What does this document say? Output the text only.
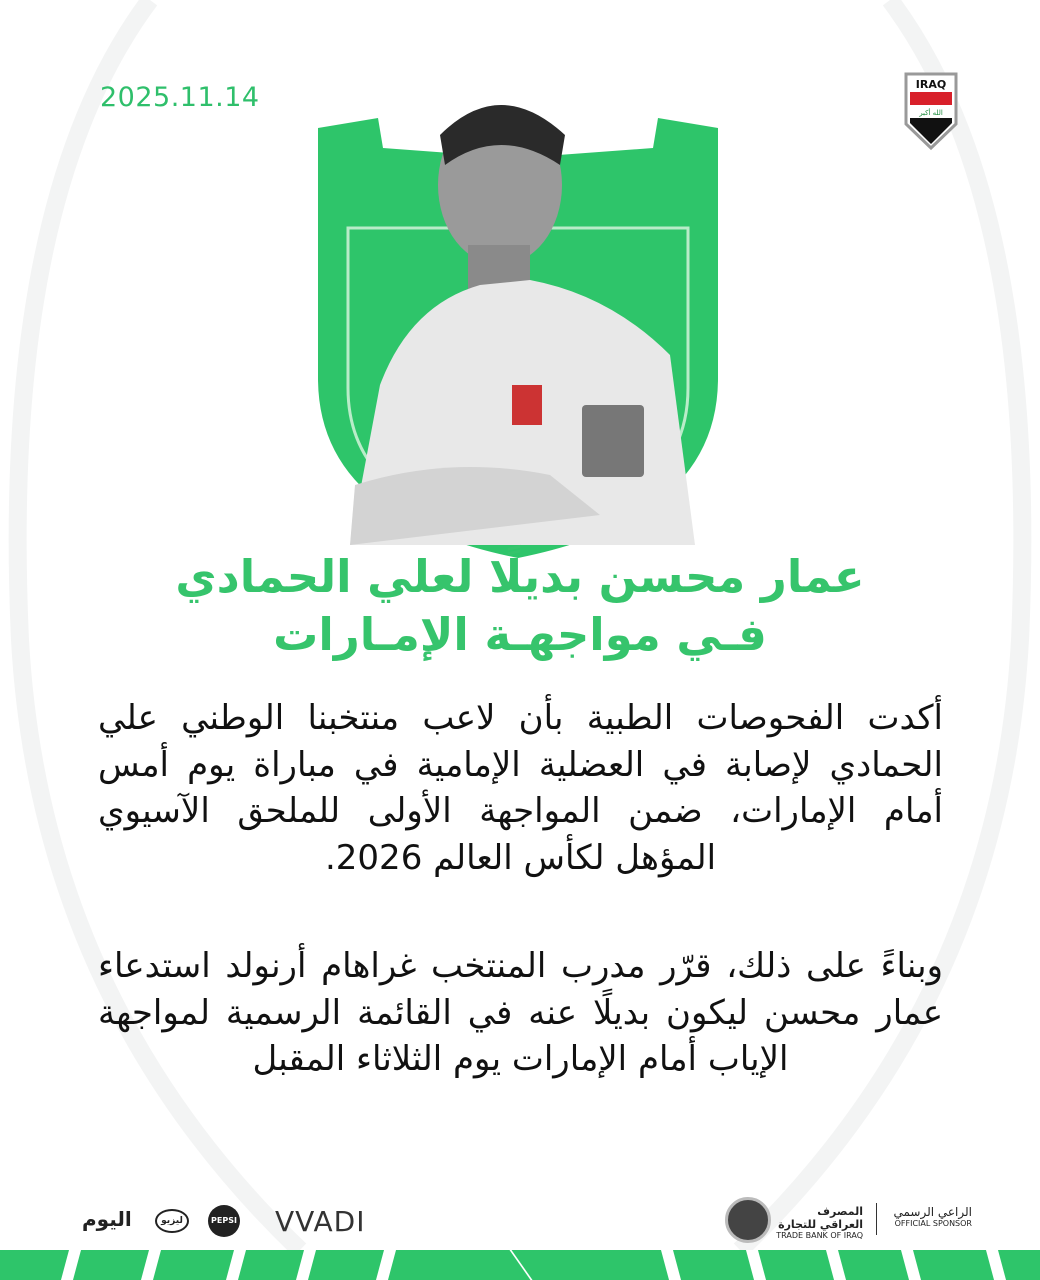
2025.11.14	IRAQ
الله أكبر
عمار محسن بديلًا لعلي الحمادي
فـي مواجهـة الإمـارات

أكدت الفحوصات الطبية بأن لاعب منتخبنا الوطني علي الحمادي لإصابة في العضلية الإمامية في مباراة يوم أمس أمام الإمارات، ضمن المواجهة الأولى للملحق الآسيوي المؤهل لكأس العالم 2026.

وبناءً على ذلك، قرّر مدرب المنتخب غراهام أرنولد استدعاء عمار محسن ليكون بديلًا عنه في القائمة الرسمية لمواجهة الإياب أمام الإمارات يوم الثلاثاء المقبل

اليوم	ليزيو	PEPSI VVADI	المصرف العراقي للتجارة
TRADE BANK OF IRAQ
الراعي الرسمي
OFFICIAL SPONSOR
